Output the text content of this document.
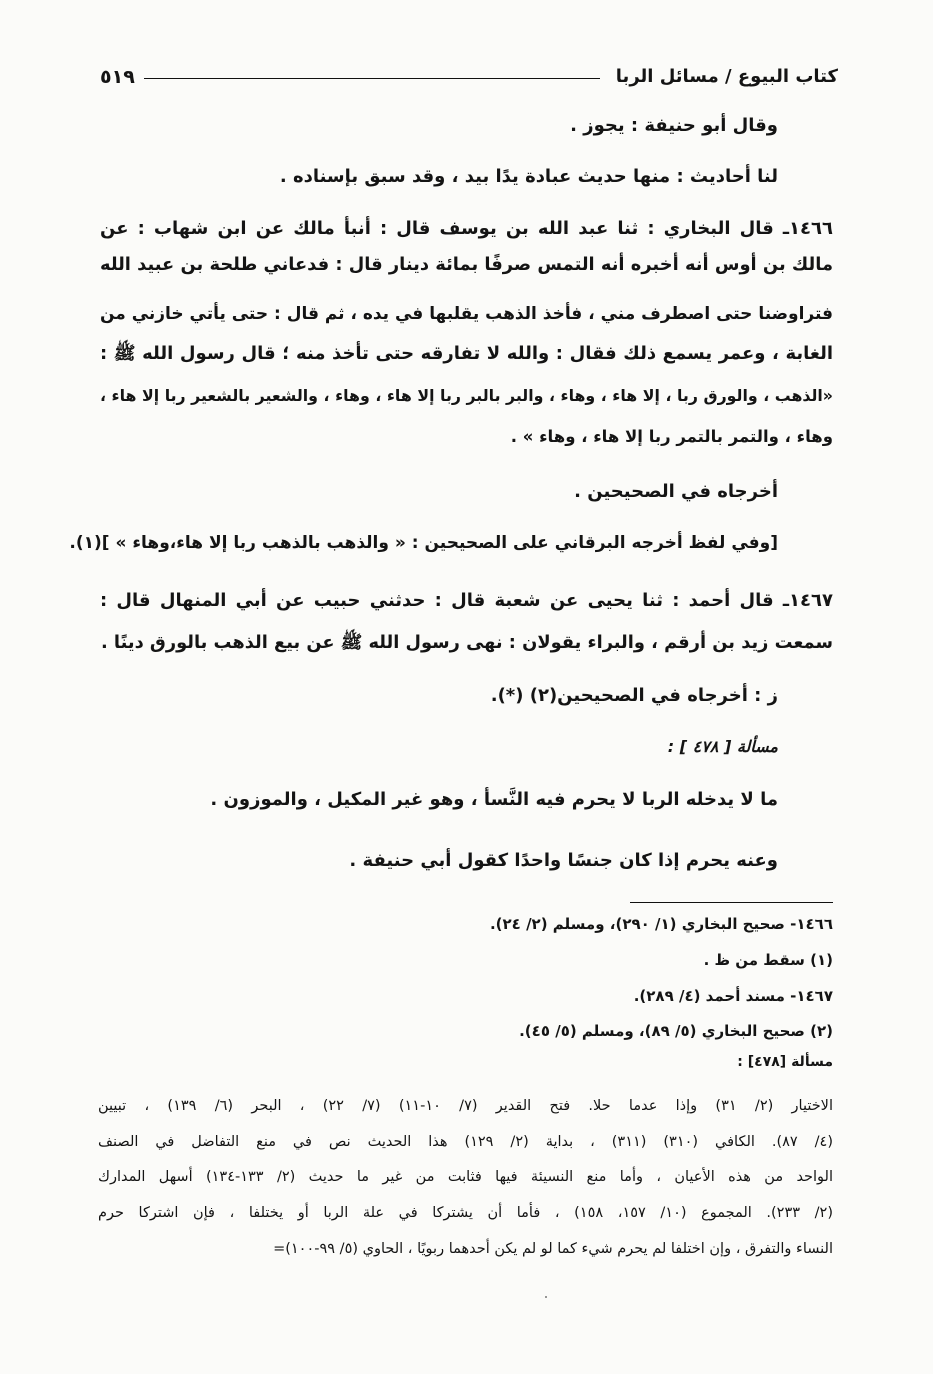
كتاب البيوع / مسائل الربا
٥١٩
وقال أبو حنيفة : يجوز .
لنا أحاديث : منها حديث عبادة يدًا بيد ، وقد سبق بإسناده .
١٤٦٦ـ قال البخاري : ثنا عبد الله بن يوسف قال : أنبأ مالك عن ابن شهاب : عن
مالك بن أوس أنه أخبره أنه التمس صرفًا بمائة دينار قال : فدعاني طلحة بن عبيد الله
فتراوضنا حتى اصطرف مني ، فأخذ الذهب يقلبها في يده ، ثم قال : حتى يأتي خازني من
الغابة ، وعمر يسمع ذلك فقال : والله لا تفارقه حتى تأخذ منه ؛ قال رسول الله ﷺ :
«الذهب ، والورق ربا ، إلا هاء ، وهاء ، والبر بالبر ربا إلا هاء ، وهاء ، والشعير بالشعير ربا إلا هاء ،
وهاء ، والتمر بالتمر ربا إلا هاء ، وهاء » .
أخرجاه في الصحيحين .
[وفي لفظ أخرجه البرقاني على الصحيحين : « والذهب بالذهب ربا إلا هاء،وهاء » ](١).
١٤٦٧ـ قال أحمد : ثنا يحيى عن شعبة قال : حدثني حبيب عن أبي المنهال قال :
سمعت زيد بن أرقم ، والبراء يقولان : نهى رسول الله ﷺ عن بيع الذهب بالورق دينًا .
ز : أخرجاه في الصحيحين(٢) (*).
مسألة [ ٤٧٨ ] :
ما لا يدخله الربا لا يحرم فيه النَّسأ ، وهو غير المكيل ، والموزون .
وعنه يحرم إذا كان جنسًا واحدًا كقول أبي حنيفة .
١٤٦٦- صحيح البخاري (١/ ٢٩٠)، ومسلم (٢/ ٢٤).
(١) سقط من ظ .
١٤٦٧- مسند أحمد (٤/ ٢٨٩).
(٢) صحيح البخاري (٥/ ٨٩)، ومسلم (٥/ ٤٥).
مسألة [٤٧٨] :
الاختيار (٢/ ٣١) وإذا عدما حلا. فتح القدير (٧/ ١٠-١١) (٧/ ٢٢) ، البحر (٦/ ١٣٩) ، تبيين
(٤/ ٨٧). الكافي (٣١٠) (٣١١) ، بداية (٢/ ١٢٩) هذا الحديث نص في منع التفاضل في الصنف
الواحد من هذه الأعيان ، وأما منع النسيئة فيها فثابت من غير ما حديث (٢/ ١٣٣-١٣٤) أسهل المدارك
(٢/ ٢٣٣). المجموع (١٠/ ١٥٧، ١٥٨) ، فأما أن يشتركا في علة الربا أو يختلفا ، فإن اشتركا حرم
النساء والتفرق ، وإن اختلفا لم يحرم شيء كما لو لم يكن أحدهما ربويًا ، الحاوي (٥/ ٩٩-١٠٠)=
